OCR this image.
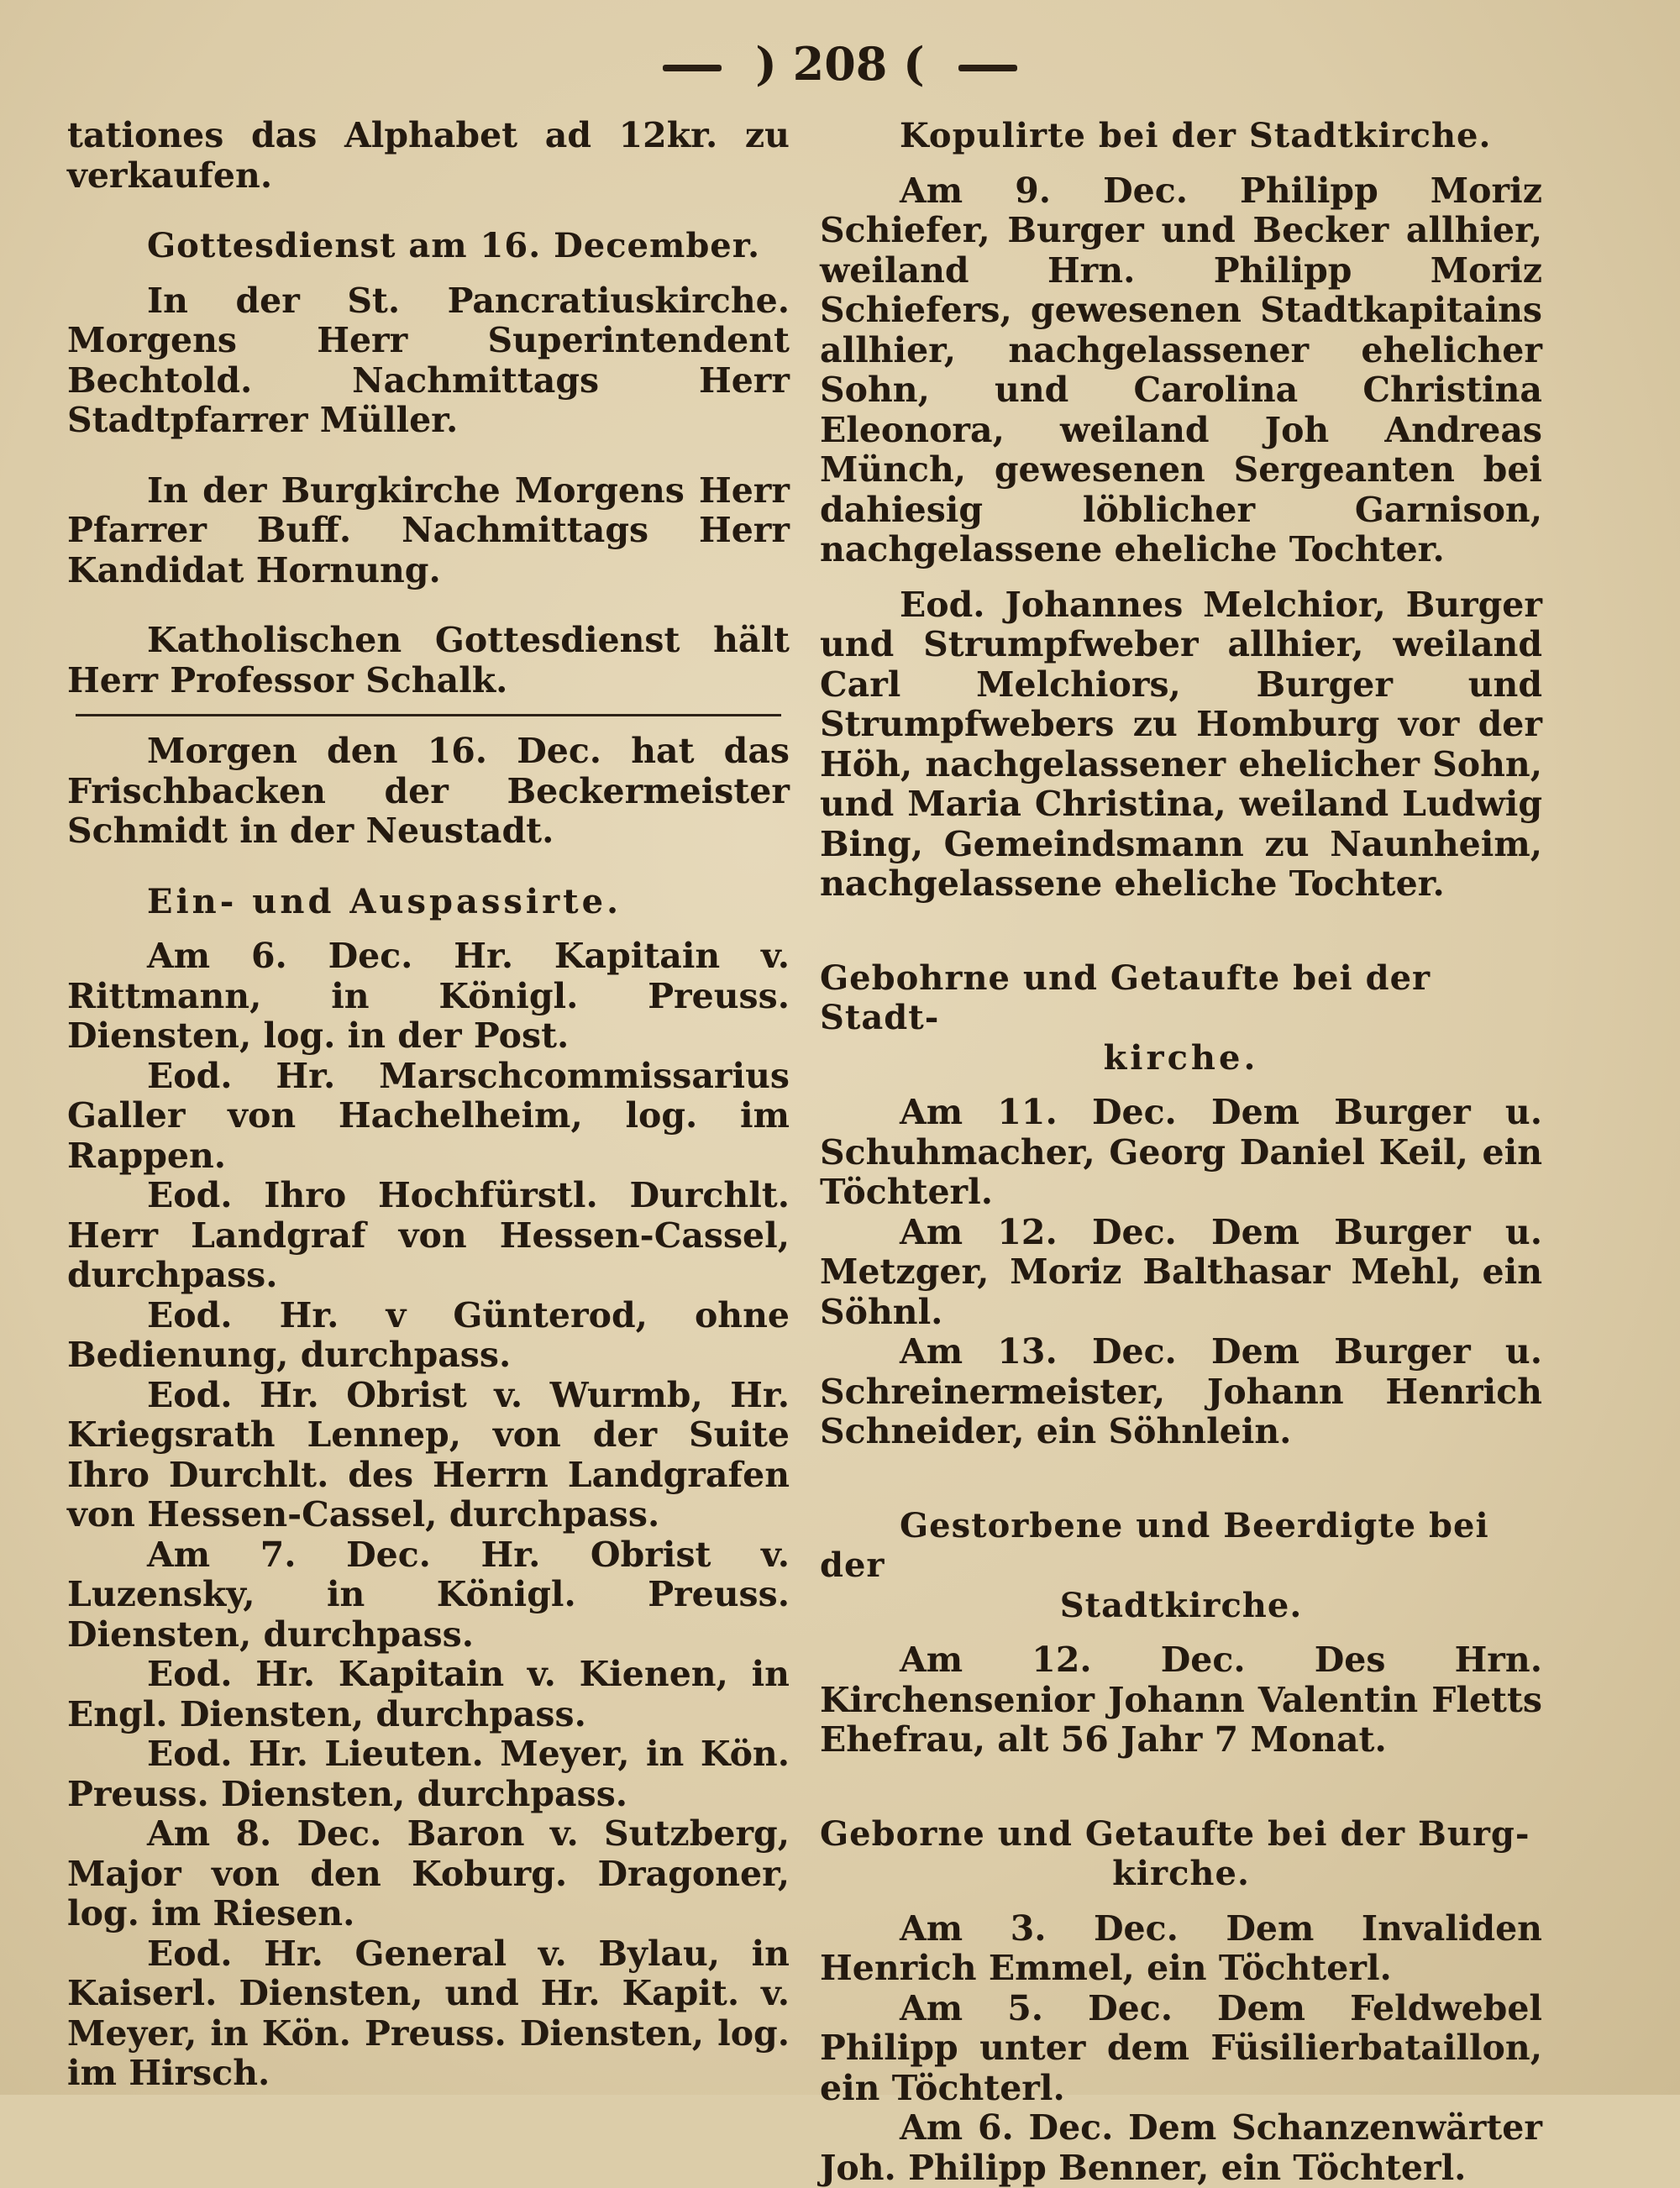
) 208 (

tationes das Alphabet ad 12kr. zu verkaufen.

Gottesdienst am 16. December.

In der St. Pancratiuskirche. Morgens Herr Superintendent Bechtold. Nachmittags Herr Stadtpfarrer Müller.

In der Burgkirche Morgens Herr Pfarrer Buff. Nachmittags Herr Kandidat Hornung.

Katholischen Gottesdienst hält Herr Professor Schalk.

Morgen den 16. Dec. hat das Frischbacken der Beckermeister Schmidt in der Neustadt.

Ein- und Auspassirte.

Am 6. Dec. Hr. Kapitain v. Rittmann, in Königl. Preuss. Diensten, log. in der Post.

Eod. Hr. Marschcommissarius Galler von Hachelheim, log. im Rappen.

Eod. Ihro Hochfürstl. Durchlt. Herr Landgraf von Hessen-Cassel, durchpass.

Eod. Hr. v Günterod, ohne Bedienung, durchpass.

Eod. Hr. Obrist v. Wurmb, Hr. Kriegsrath Lennep, von der Suite Ihro Durchlt. des Herrn Landgrafen von Hessen-Cassel, durchpass.

Am 7. Dec. Hr. Obrist v. Luzensky, in Königl. Preuss. Diensten, durchpass.

Eod. Hr. Kapitain v. Kienen, in Engl. Diensten, durchpass.

Eod. Hr. Lieuten. Meyer, in Kön. Preuss. Diensten, durchpass.

Am 8. Dec. Baron v. Sutzberg, Major von den Koburg. Dragoner, log. im Riesen.

Eod. Hr. General v. Bylau, in Kaiserl. Diensten, und Hr. Kapit. v. Meyer, in Kön. Preuss. Diensten, log. im Hirsch.

Kopulirte bei der Stadtkirche.

Am 9. Dec. Philipp Moriz Schiefer, Burger und Becker allhier, weiland Hrn. Philipp Moriz Schiefers, gewesenen Stadtkapitains allhier, nachgelassener ehelicher Sohn, und Carolina Christina Eleonora, weiland Joh Andreas Münch, gewesenen Sergeanten bei dahiesig löblicher Garnison, nachgelassene eheliche Tochter.

Eod. Johannes Melchior, Burger und Strumpfweber allhier, weiland Carl Melchiors, Burger und Strumpfwebers zu Homburg vor der Höh, nachgelassener ehelicher Sohn, und Maria Christina, weiland Ludwig Bing, Gemeindsmann zu Naunheim, nachgelassene eheliche Tochter.

Gebohrne und Getaufte bei der Stadt-

kirche.

Am 11. Dec. Dem Burger u. Schuhmacher, Georg Daniel Keil, ein Töchterl.

Am 12. Dec. Dem Burger u. Metzger, Moriz Balthasar Mehl, ein Söhnl.

Am 13. Dec. Dem Burger u. Schreinermeister, Johann Henrich Schneider, ein Söhnlein.

Gestorbene und Beerdigte bei der

Stadtkirche.

Am 12. Dec. Des Hrn. Kirchensenior Johann Valentin Fletts Ehefrau, alt 56 Jahr 7 Monat.

Geborne und Getaufte bei der Burg-

kirche.

Am 3. Dec. Dem Invaliden Henrich Emmel, ein Töchterl.

Am 5. Dec. Dem Feldwebel Philipp unter dem Füsilierbataillon, ein Töchterl.

Am 6. Dec. Dem Schanzenwärter Joh. Philipp Benner, ein Töchterl.
